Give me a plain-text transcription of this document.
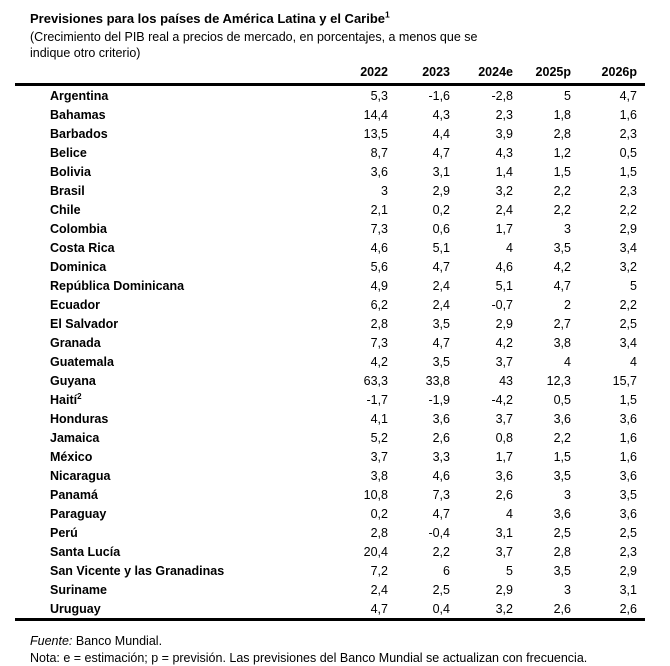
Previsiones para los países de América Latina y el Caribe$^1$
(Crecimiento del PIB real a precios de mercado, en porcentajes, a menos que se
indique otro criterio)
	2022	2023	2024e	2025p	2026p
Argentina	5,3	-1,6	-2,8	5	4,7
Bahamas	14,4	4,3	2,3	1,8	1,6
Barbados	13,5	4,4	3,9	2,8	2,3
Belice	8,7	4,7	4,3	1,2	0,5
Bolivia	3,6	3,1	1,4	1,5	1,5
Brasil	3	2,9	3,2	2,2	2,3
Chile	2,1	0,2	2,4	2,2	2,2
Colombia	7,3	0,6	1,7	3	2,9
Costa Rica	4,6	5,1	4	3,5	3,4
Dominica	5,6	4,7	4,6	4,2	3,2
República Dominicana	4,9	2,4	5,1	4,7	5
Ecuador	6,2	2,4	-0,7	2	2,2
El Salvador	2,8	3,5	2,9	2,7	2,5
Granada	7,3	4,7	4,2	3,8	3,4
Guatemala	4,2	3,5	3,7	4	4
Guyana	63,3	33,8	43	12,3	15,7
Haití$^2$	-1,7	-1,9	-4,2	0,5	1,5
Honduras	4,1	3,6	3,7	3,6	3,6
Jamaica	5,2	2,6	0,8	2,2	1,6
México	3,7	3,3	1,7	1,5	1,6
Nicaragua	3,8	4,6	3,6	3,5	3,6
Panamá	10,8	7,3	2,6	3	3,5
Paraguay	0,2	4,7	4	3,6	3,6
Perú	2,8	-0,4	3,1	2,5	2,5
Santa Lucía	20,4	2,2	3,7	2,8	2,3
San Vicente y las Granadinas	7,2	6	5	3,5	2,9
Suriname	2,4	2,5	2,9	3	3,1
Uruguay	4,7	0,4	3,2	2,6	2,6
Fuente: Banco Mundial.
Nota: e = estimación; p = previsión. Las previsiones del Banco Mundial se actualizan con frecuencia.
